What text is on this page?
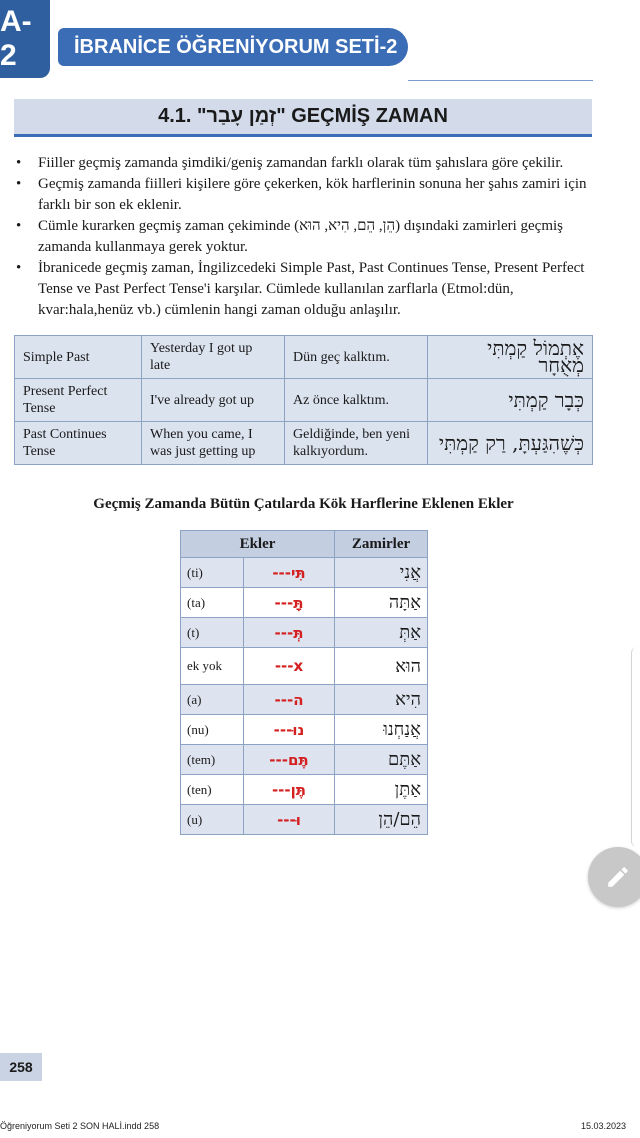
A-2	İBRANİCE ÖĞRENİYORUM SETİ-2
4.1. "זְמַן עָבַר" GEÇMİŞ ZAMAN
• Fiiller geçmiş zamanda şimdiki/geniş zamandan farklı olarak tüm şahıslara göre çekilir.
• Geçmiş zamanda fiilleri kişilere göre çekerken, kök harflerinin sonuna her şahıs zamiri için farklı bir son ek eklenir.
• Cümle kurarken geçmiş zaman çekiminde (הֵן, הֵם, הִיא, הוּא) dışındaki zamirleri geçmiş zamanda kullanmaya gerek yoktur.
• İbranicede geçmiş zaman, İngilizcedeki Simple Past, Past Continues Tense, Present Perfect Tense ve Past Perfect Tense'i karşılar. Cümlede kullanılan zarflarla (Etmol:dün, kvar:hala,henüz vb.) cümlenin hangi zaman olduğu anlaşılır.
Simple Past	Yesterday I got up late	Dün geç kalktım.	אֶתְמוֹל קַמְתִּי מְאֻחָר
Present Perfect Tense	I've already got up	Az önce kalktım.	כְּבָר קַמְתִּי
Past Continues Tense	When you came, I was just getting up	Geldiğinde, ben yeni kalkıyordum.	כְּשֶׁהִגַּעְתָּ, רַק קַמְתִּי
Geçmiş Zamanda Bütün Çatılarda Kök Harflerine Eklenen Ekler
Ekler		Zamirler
(ti)	---תִּי	אֲנִי
(ta)	---תָּ	אַתָּה
(t)	---תְּ	אַתְּ
ek yok	---x	הוּא
(a)	---ה	הִיא
(nu)	---נוּ	אֲנַחְנוּ
(tem)	---תֶּם	אַתֶּם
(ten)	---תֶּן	אַתֶּן
(u)	---וּ	הֵם/הֵן
258
Öğreniyorum Seti 2 SON HALİ.indd 258	15.03.2023
